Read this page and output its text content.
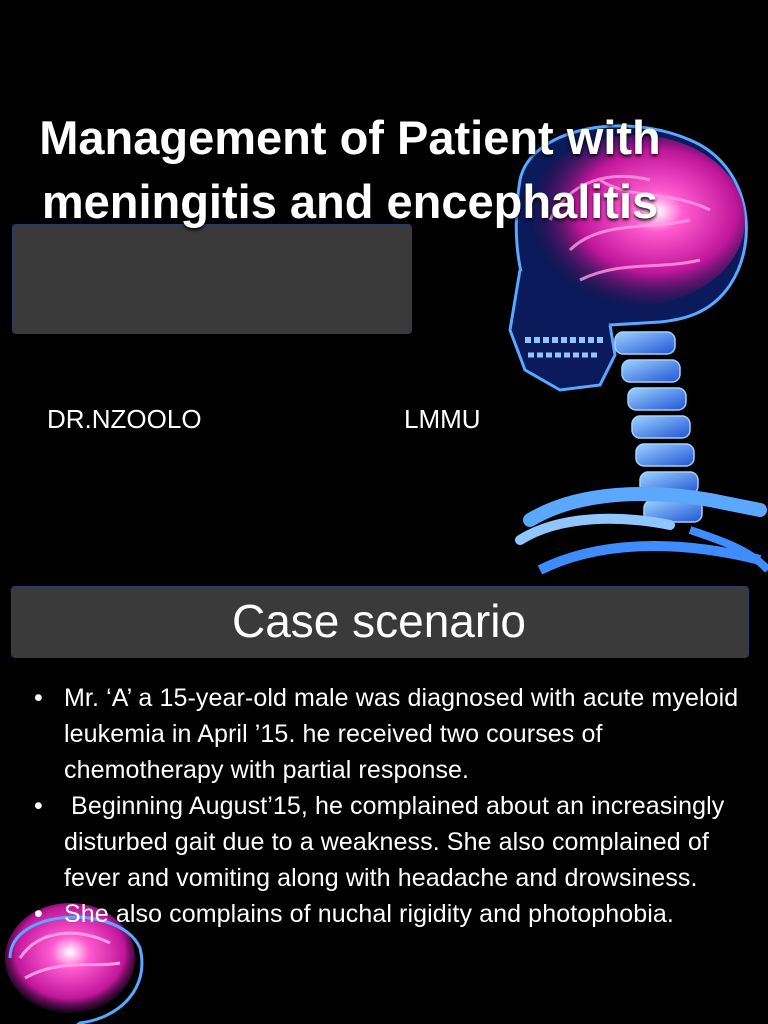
Management of Patient with meningitis and encephalitis
DR.NZOOLO	LMMU
Case scenario
• Mr. ‘A’ a 15-year-old male was diagnosed with acute myeloid leukemia in April ’15. he received two courses of chemotherapy with partial response.
• Beginning August’15, he complained about an increasingly disturbed gait due to a weakness. She also complained of fever and vomiting along with headache and drowsiness.
• She also complains of nuchal rigidity and photophobia.
